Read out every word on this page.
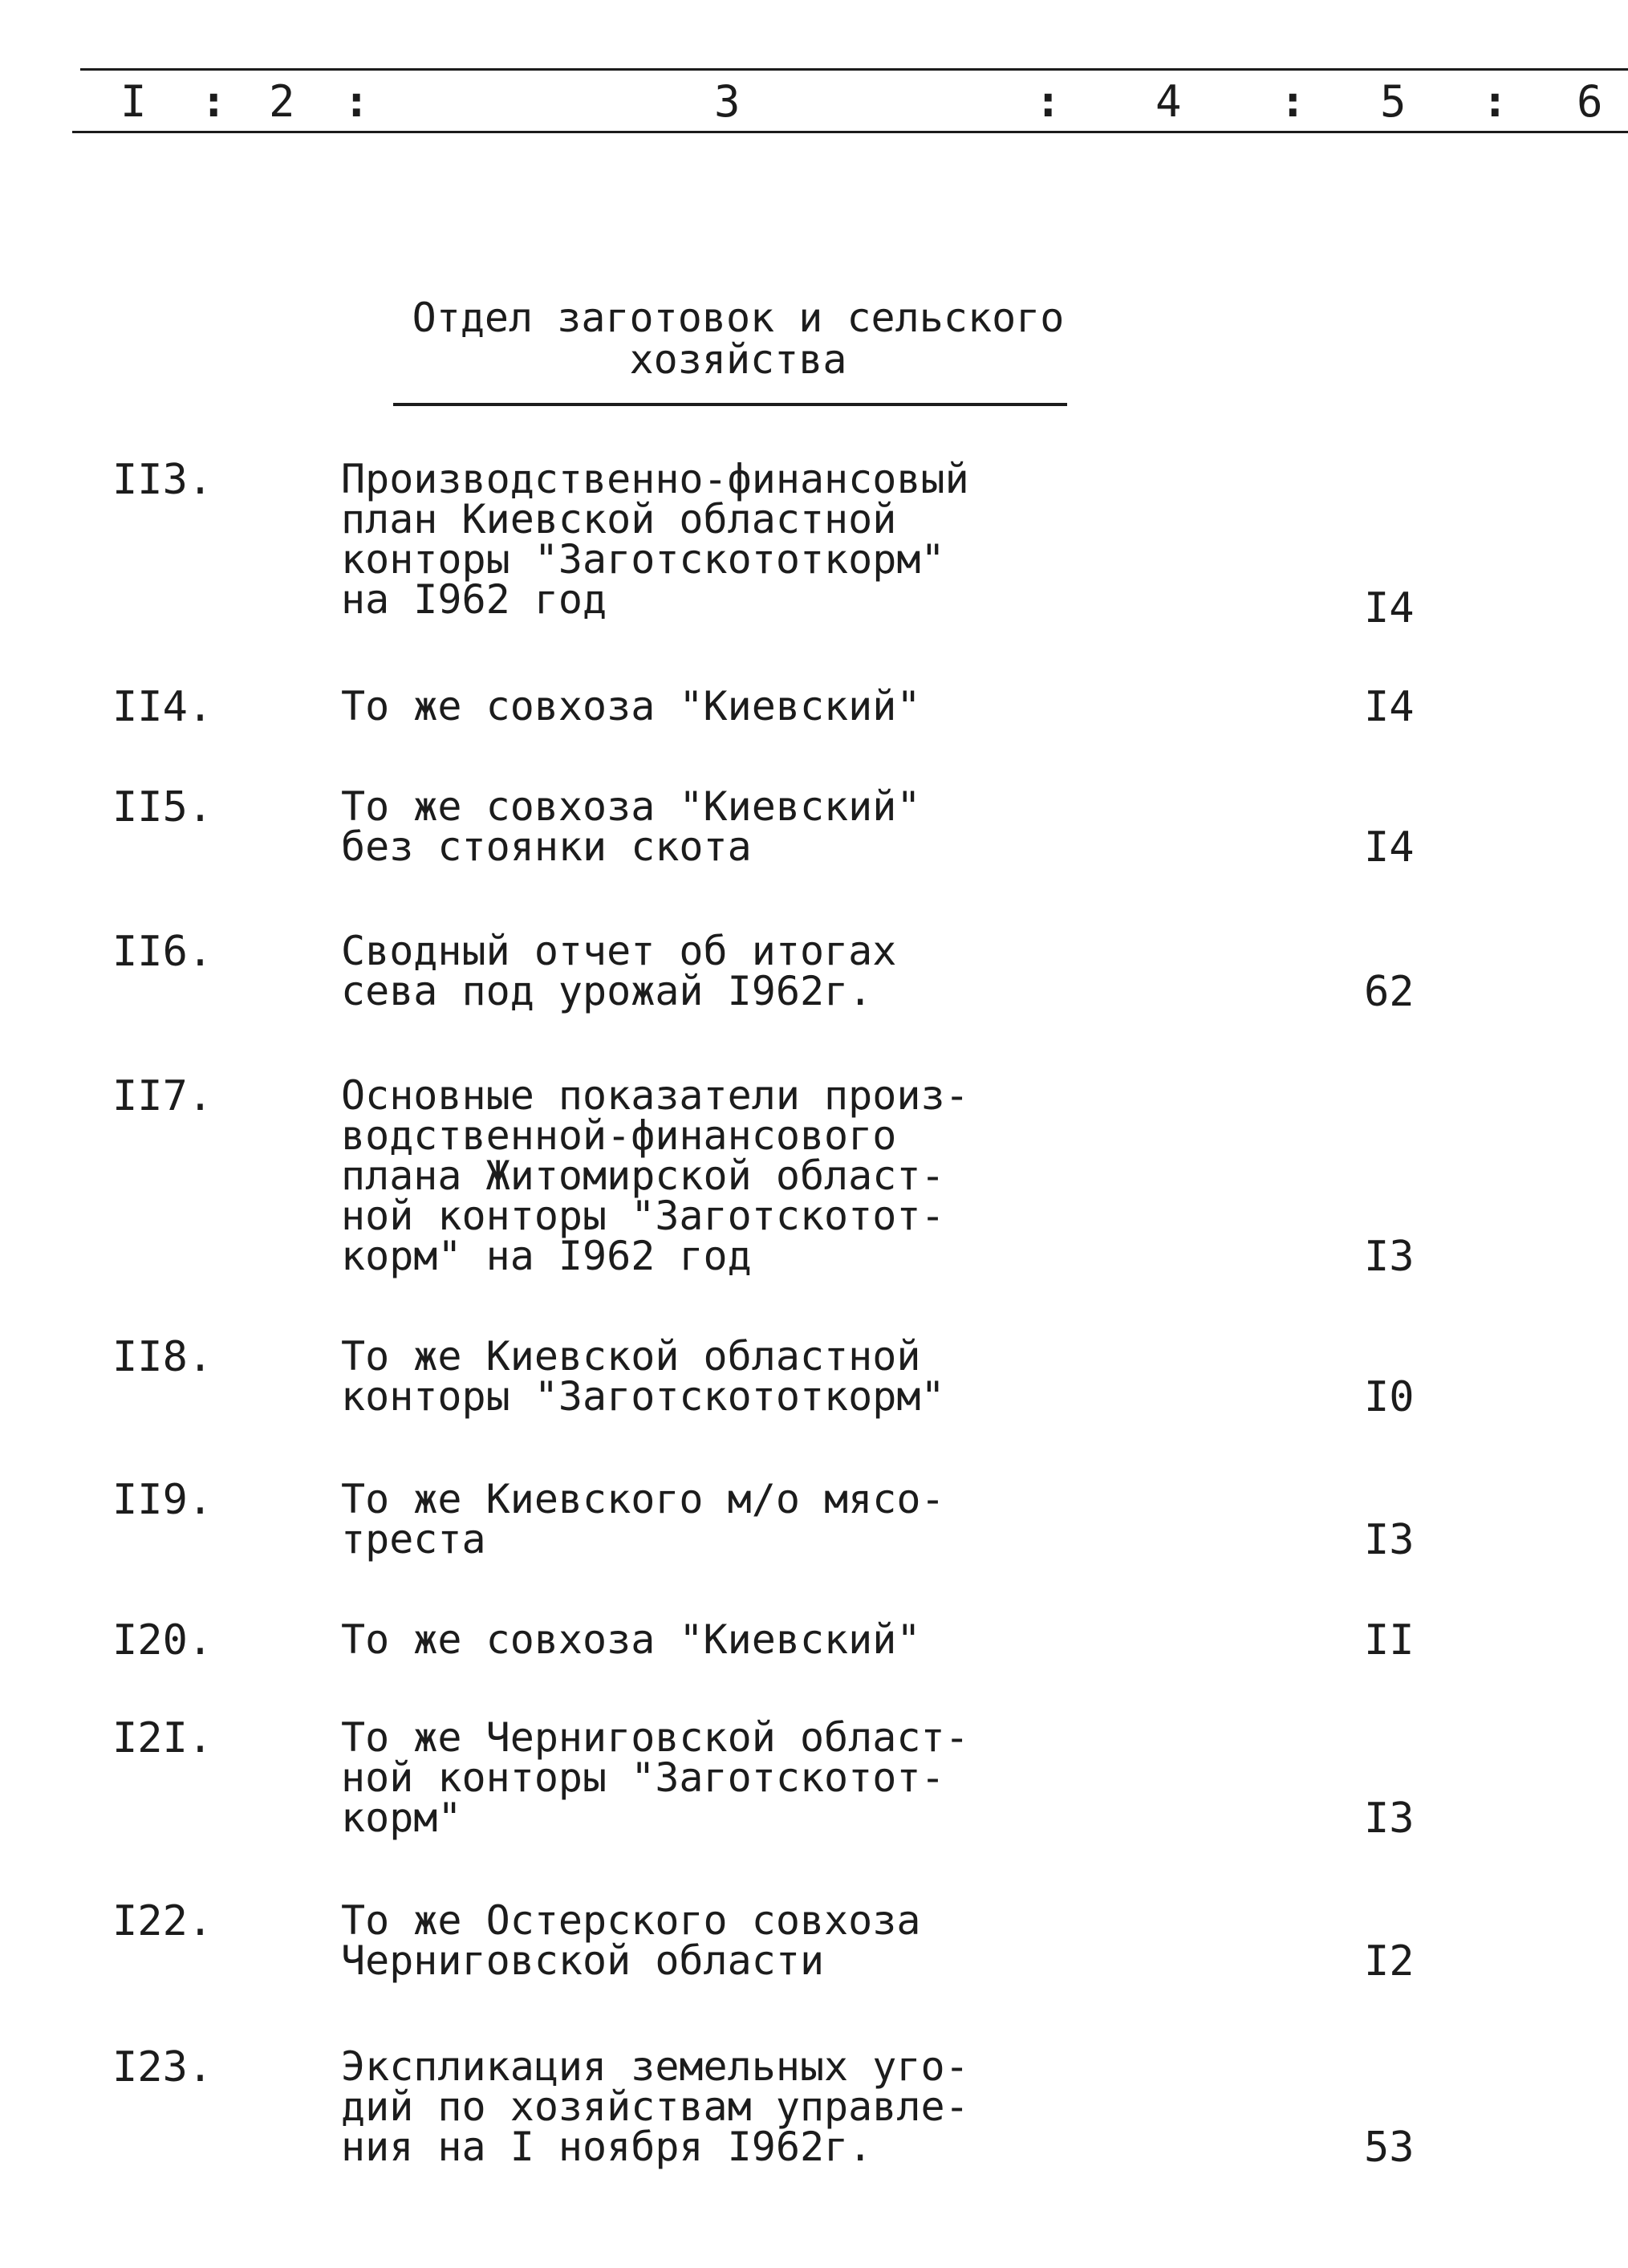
I : 2 :	3	: 4 : 5 : 6
Отдел заготовок и сельского
хозяйства
II3.	Производственно-финансовый
план Киевской областной
конторы "Заготскототкорм"
на I962 год	I4
II4.	То же совхоза "Киевский"	I4
II5.	То же совхоза "Киевский"
без стоянки скота	I4
II6.	Сводный отчет об итогах
сева под урожай I962г.	62
II7.	Основные показатели произ-
водственной-финансового
плана Житомирской област-
ной конторы "Заготскотот-
корм" на I962 год	I3
II8.	То же Киевской областной
конторы "Заготскототкорм"	I0
II9.	То же Киевского м/о мясо-
треста	I3
I20.	То же совхоза "Киевский"	II
I2I.	То же Черниговской област-
ной конторы "Заготскотот-
корм"	I3
I22.	То же Остерского совхоза
Черниговской области	I2
I23.	Экспликация земельных уго-
дий по хозяйствам управле-
ния на I ноября I962г.	53
